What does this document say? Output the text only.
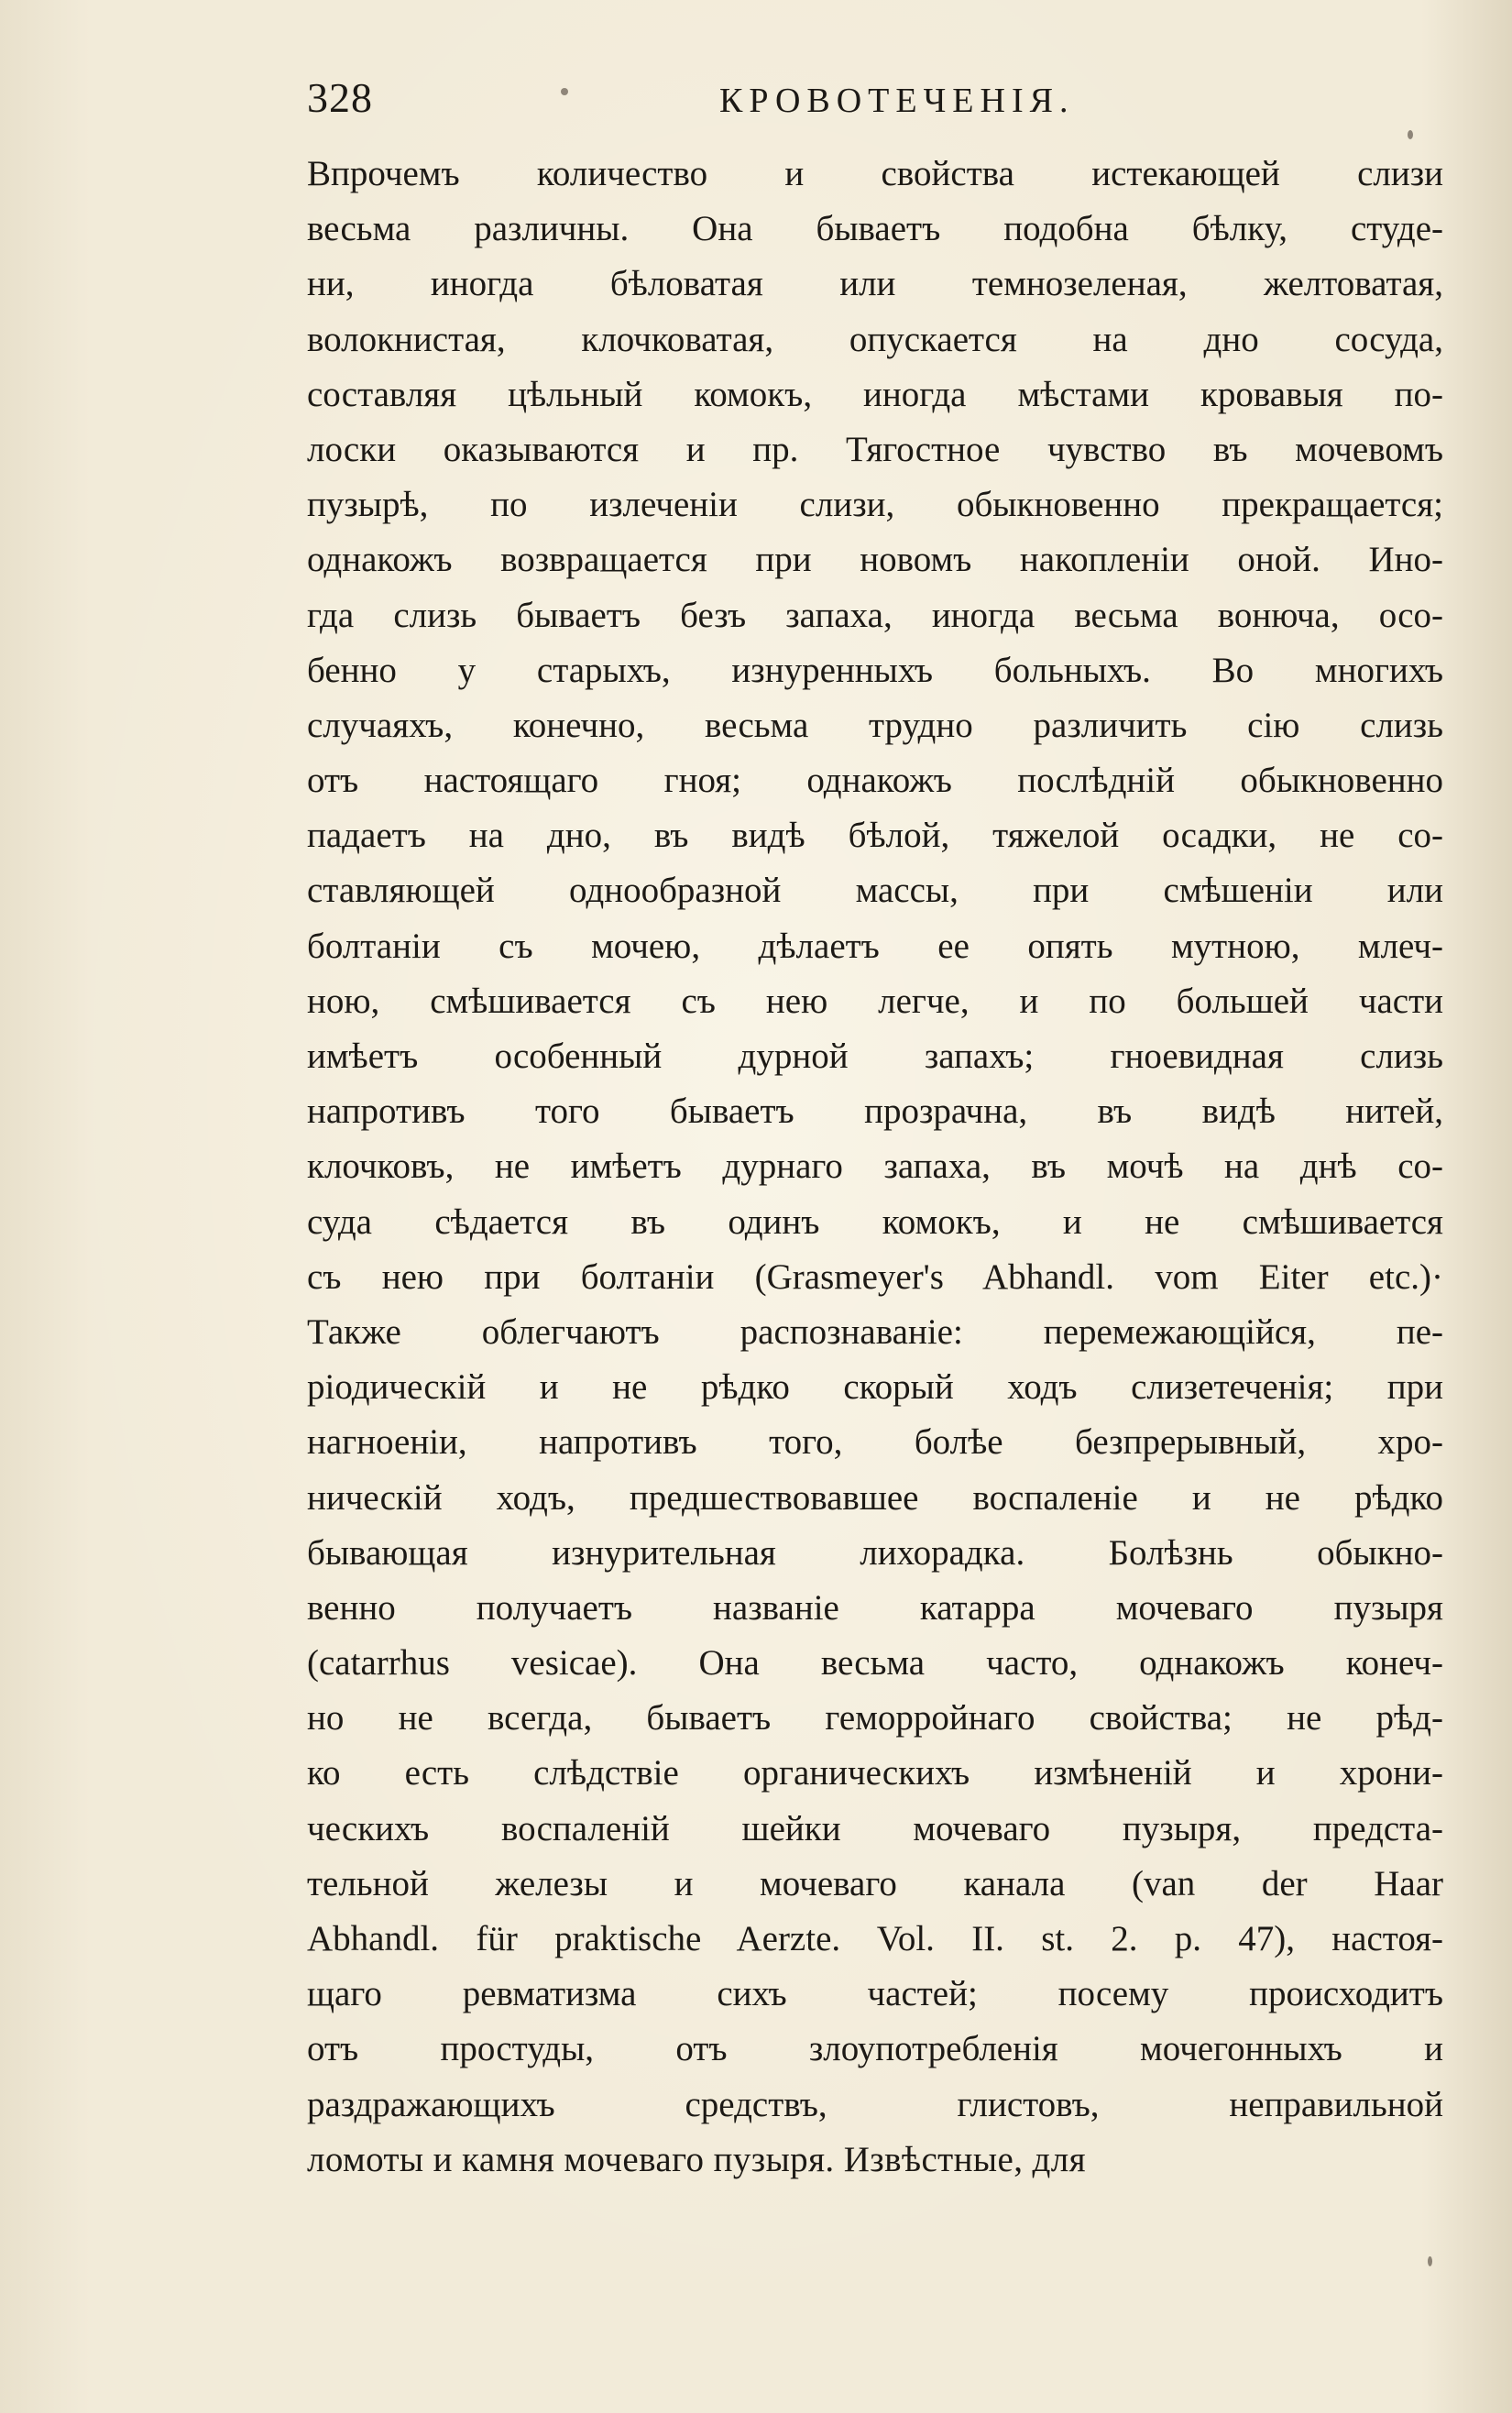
328	КРОВОТЕЧЕНІЯ.
Впрочемъ количество и свойства истекающей слизи
весьма различны. Она бываетъ подобна бѣлку, студе-
ни, иногда бѣловатая или темнозеленая, желтоватая,
волокнистая, клочковатая, опускается на дно сосуда,
составляя цѣльный комокъ, иногда мѣстами кровавыя по-
лоски оказываются и пр. Тягостное чувство въ мочевомъ
пузырѣ, по излеченіи слизи, обыкновенно прекращается;
однакожъ возвращается при новомъ накопленіи оной. Ино-
гда слизь бываетъ безъ запаха, иногда весьма вонюча, осо-
бенно у старыхъ, изнуренныхъ больныхъ. Во многихъ
случаяхъ, конечно, весьма трудно различить сію слизь
отъ настоящаго гноя; однакожъ послѣдній обыкновенно
падаетъ на дно, въ видѣ бѣлой, тяжелой осадки, не со-
ставляющей однообразной массы, при смѣшеніи или
болтаніи съ мочею, дѣлаетъ ее опять мутною, млеч-
ною, смѣшивается съ нею легче, и по большей части
имѣетъ особенный дурной запахъ; гноевидная слизь
напротивъ того бываетъ прозрачна, въ видѣ нитей,
клочковъ, не имѣетъ дурнаго запаха, въ мочѣ на днѣ со-
суда сѣдается въ одинъ комокъ, и не смѣшивается
съ нею при болтаніи (Grasmeyer's Abhandl. vom Eiter etc.)·
Также облегчаютъ распознаваніе: перемежающійся, пе-
ріодическій и не рѣдко скорый ходъ слизетеченія; при
нагноеніи, напротивъ того, болѣе безпрерывный, хро-
ническій ходъ, предшествовавшее воспаленіе и не рѣдко
бывающая изнурительная лихорадка. Болѣзнь обыкно-
венно получаетъ названіе катарра мочеваго пузыря
(catarrhus vesicae). Она весьма часто, однакожъ конеч-
но не всегда, бываетъ геморройнаго свойства; не рѣд-
ко есть слѣдствіе органическихъ измѣненій и хрони-
ческихъ воспаленій шейки мочеваго пузыря, предста-
тельной железы и мочеваго канала (van der Haar
Abhandl. für praktische Aerzte. Vol. II. st. 2. p. 47), настоя-
щаго ревматизма сихъ частей; посему происходитъ
отъ простуды, отъ злоупотребленія мочегонныхъ и
раздражающихъ средствъ, глистовъ, неправильной
ломоты и камня мочеваго пузыря. Извѣстные, для
